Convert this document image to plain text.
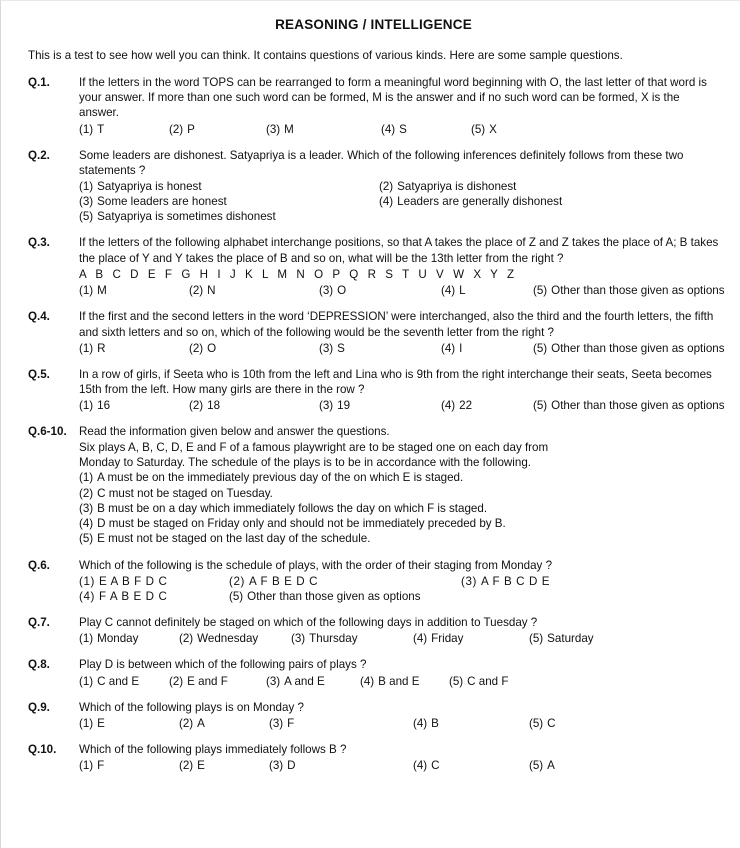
REASONING / INTELLIGENCE
This is a test to see how well you can think. It contains questions of various kinds. Here are some sample questions.
Q.1.	If the letters in the word TOPS can be rearranged to form a meaningful word beginning with O, the last letter of that word is your answer. If more than one such word can be formed, M is the answer and if no such word can be formed, X is the answer.

(1) T	(2) P	(3) M	(4) S	(5) X
Q.2.	Some leaders are dishonest. Satyapriya is a leader. Which of the following inferences definitely follows from these two statements ?

(1) Satyapriya is honest	(2) Satyapriya is dishonest
(3) Some leaders are honest	(4) Leaders are generally dishonest
(5) Satyapriya is sometimes dishonest
Q.3.	If the letters of the following alphabet interchange positions, so that A takes the place of Z and Z takes the place of A; B takes the place of Y and Y takes the place of B and so on, what will be the 13th letter from the right ?

A B C D E F G H I J K L M N O P Q R S T U V W X Y Z

(1) M	(2) N	(3) O	(4) L	(5) Other than those given as options
Q.4.	If the first and the second letters in the word ‘DEPRESSION’ were interchanged, also the third and the fourth letters, the fifth and sixth letters and so on, which of the following would be the seventh letter from the right ?

(1) R	(2) O	(3) S	(4) I	(5) Other than those given as options
Q.5.	In a row of girls, if Seeta who is 10th from the left and Lina who is 9th from the right interchange their seats, Seeta becomes 15th from the left. How many girls are there in the row ?

(1) 16	(2) 18	(3) 19	(4) 22	(5) Other than those given as options
Q.6-10.	Read the information given below and answer the questions.

Six plays A, B, C, D, E and F of a famous playwright are to be staged one on each day from

Monday to Saturday. The schedule of the plays is to be in accordance with the following.

(1) A must be on the immediately previous day of the on which E is staged.
(2) C must not be staged on Tuesday.
(3) B must be on a day which immediately follows the day on which F is staged.
(4) D must be staged on Friday only and should not be immediately preceded by B.
(5) E must not be staged on the last day of the schedule.
Q.6.	Which of the following is the schedule of plays, with the order of their staging from Monday ?

(1) E A B F D C	(2) A F B E D C	(3) A F B C D E
(4) F A B E D C	(5) Other than those given as options
Q.7.	Play C cannot definitely be staged on which of the following days in addition to Tuesday ?

(1) Monday	(2) Wednesday	(3) Thursday	(4) Friday	(5) Saturday
Q.8.	Play D is between which of the following pairs of plays ?

(1) C and E	(2) E and F	(3) A and E	(4) B and E	(5) C and F
Q.9.	Which of the following plays is on Monday ?

(1) E	(2) A	(3) F	(4) B	(5) C
Q.10.	Which of the following plays immediately follows B ?

(1) F	(2) E	(3) D	(4) C	(5) A
